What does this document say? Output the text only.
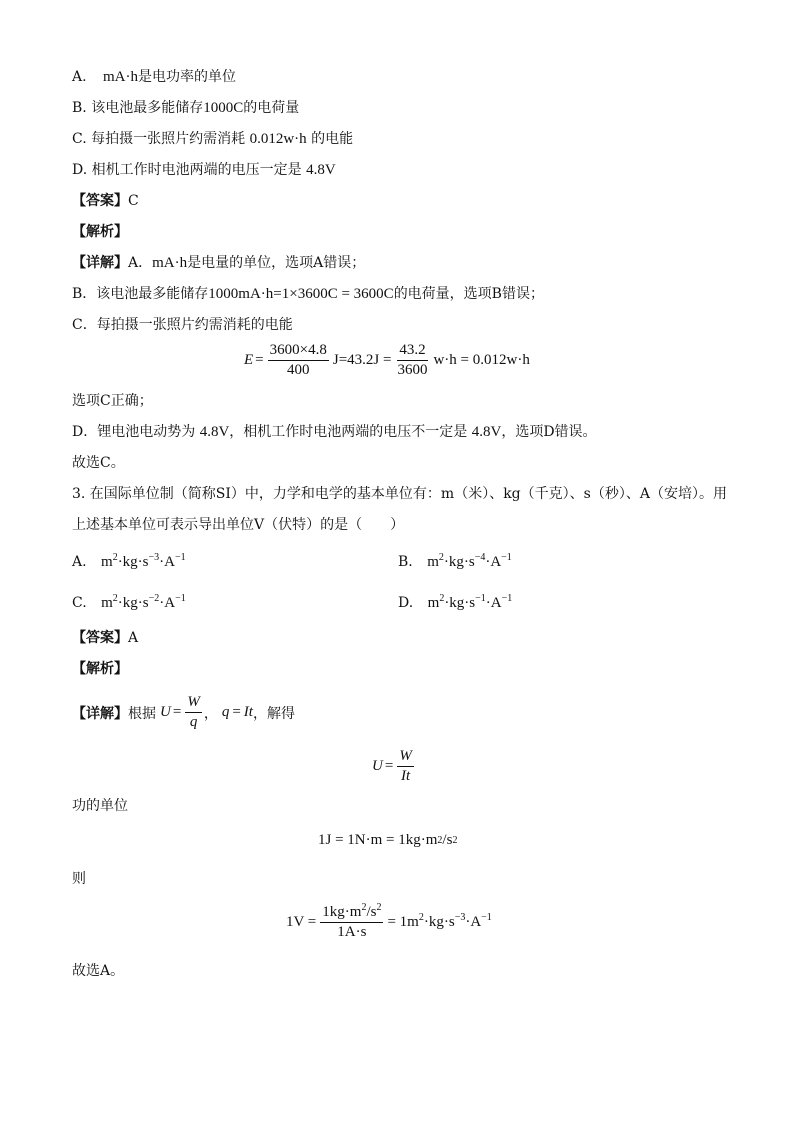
A. mA·h是电功率的单位
B. 该电池最多能储存1000C的电荷量
C. 每拍摄一张照片约需消耗 0.012w·h 的电能
D. 相机工作时电池两端的电压一定是 4.8V
【答案】C
【解析】
【详解】A．mA·h是电量的单位，选项A错误；
B．该电池最多能储存1000mA·h=1×3600C = 3600C的电荷量，选项B错误；
C．每拍摄一张照片约需消耗的电能
$E = \frac{3600\times 4.8}{400} J=43.2J = \frac{43.2}{3600} w\cdot h = 0.012w\cdot h$
选项C正确；
D．锂电池电动势为 4.8V，相机工作时电池两端的电压不一定是 4.8V，选项D错误。
故选C。
3. 在国际单位制（简称SI）中，力学和电学的基本单位有：m（米）、kg（千克）、s（秒）、A（安培）。用
上述基本单位可表示导出单位V（伏特）的是（　　）
A. $m^2\cdot kg\cdot s^{-3}\cdot A^{-1}$	B. $m^2\cdot kg\cdot s^{-4}\cdot A^{-1}$
C. $m^2\cdot kg\cdot s^{-2}\cdot A^{-1}$	D. $m^2\cdot kg\cdot s^{-1}\cdot A^{-1}$
【答案】A
【解析】
【详解】 根据 $U = \frac{W}{q}$ ， q = It ，解得
$U = \frac{W}{It}$
功的单位
1J = 1N·m = 1kg·m 2 /s 2
则
$1V = \frac{1kg\cdot m^2/s^2}{1A\cdot s} = 1m^2\cdot kg\cdot s^{-3}\cdot A^{-1}$
故选A。
